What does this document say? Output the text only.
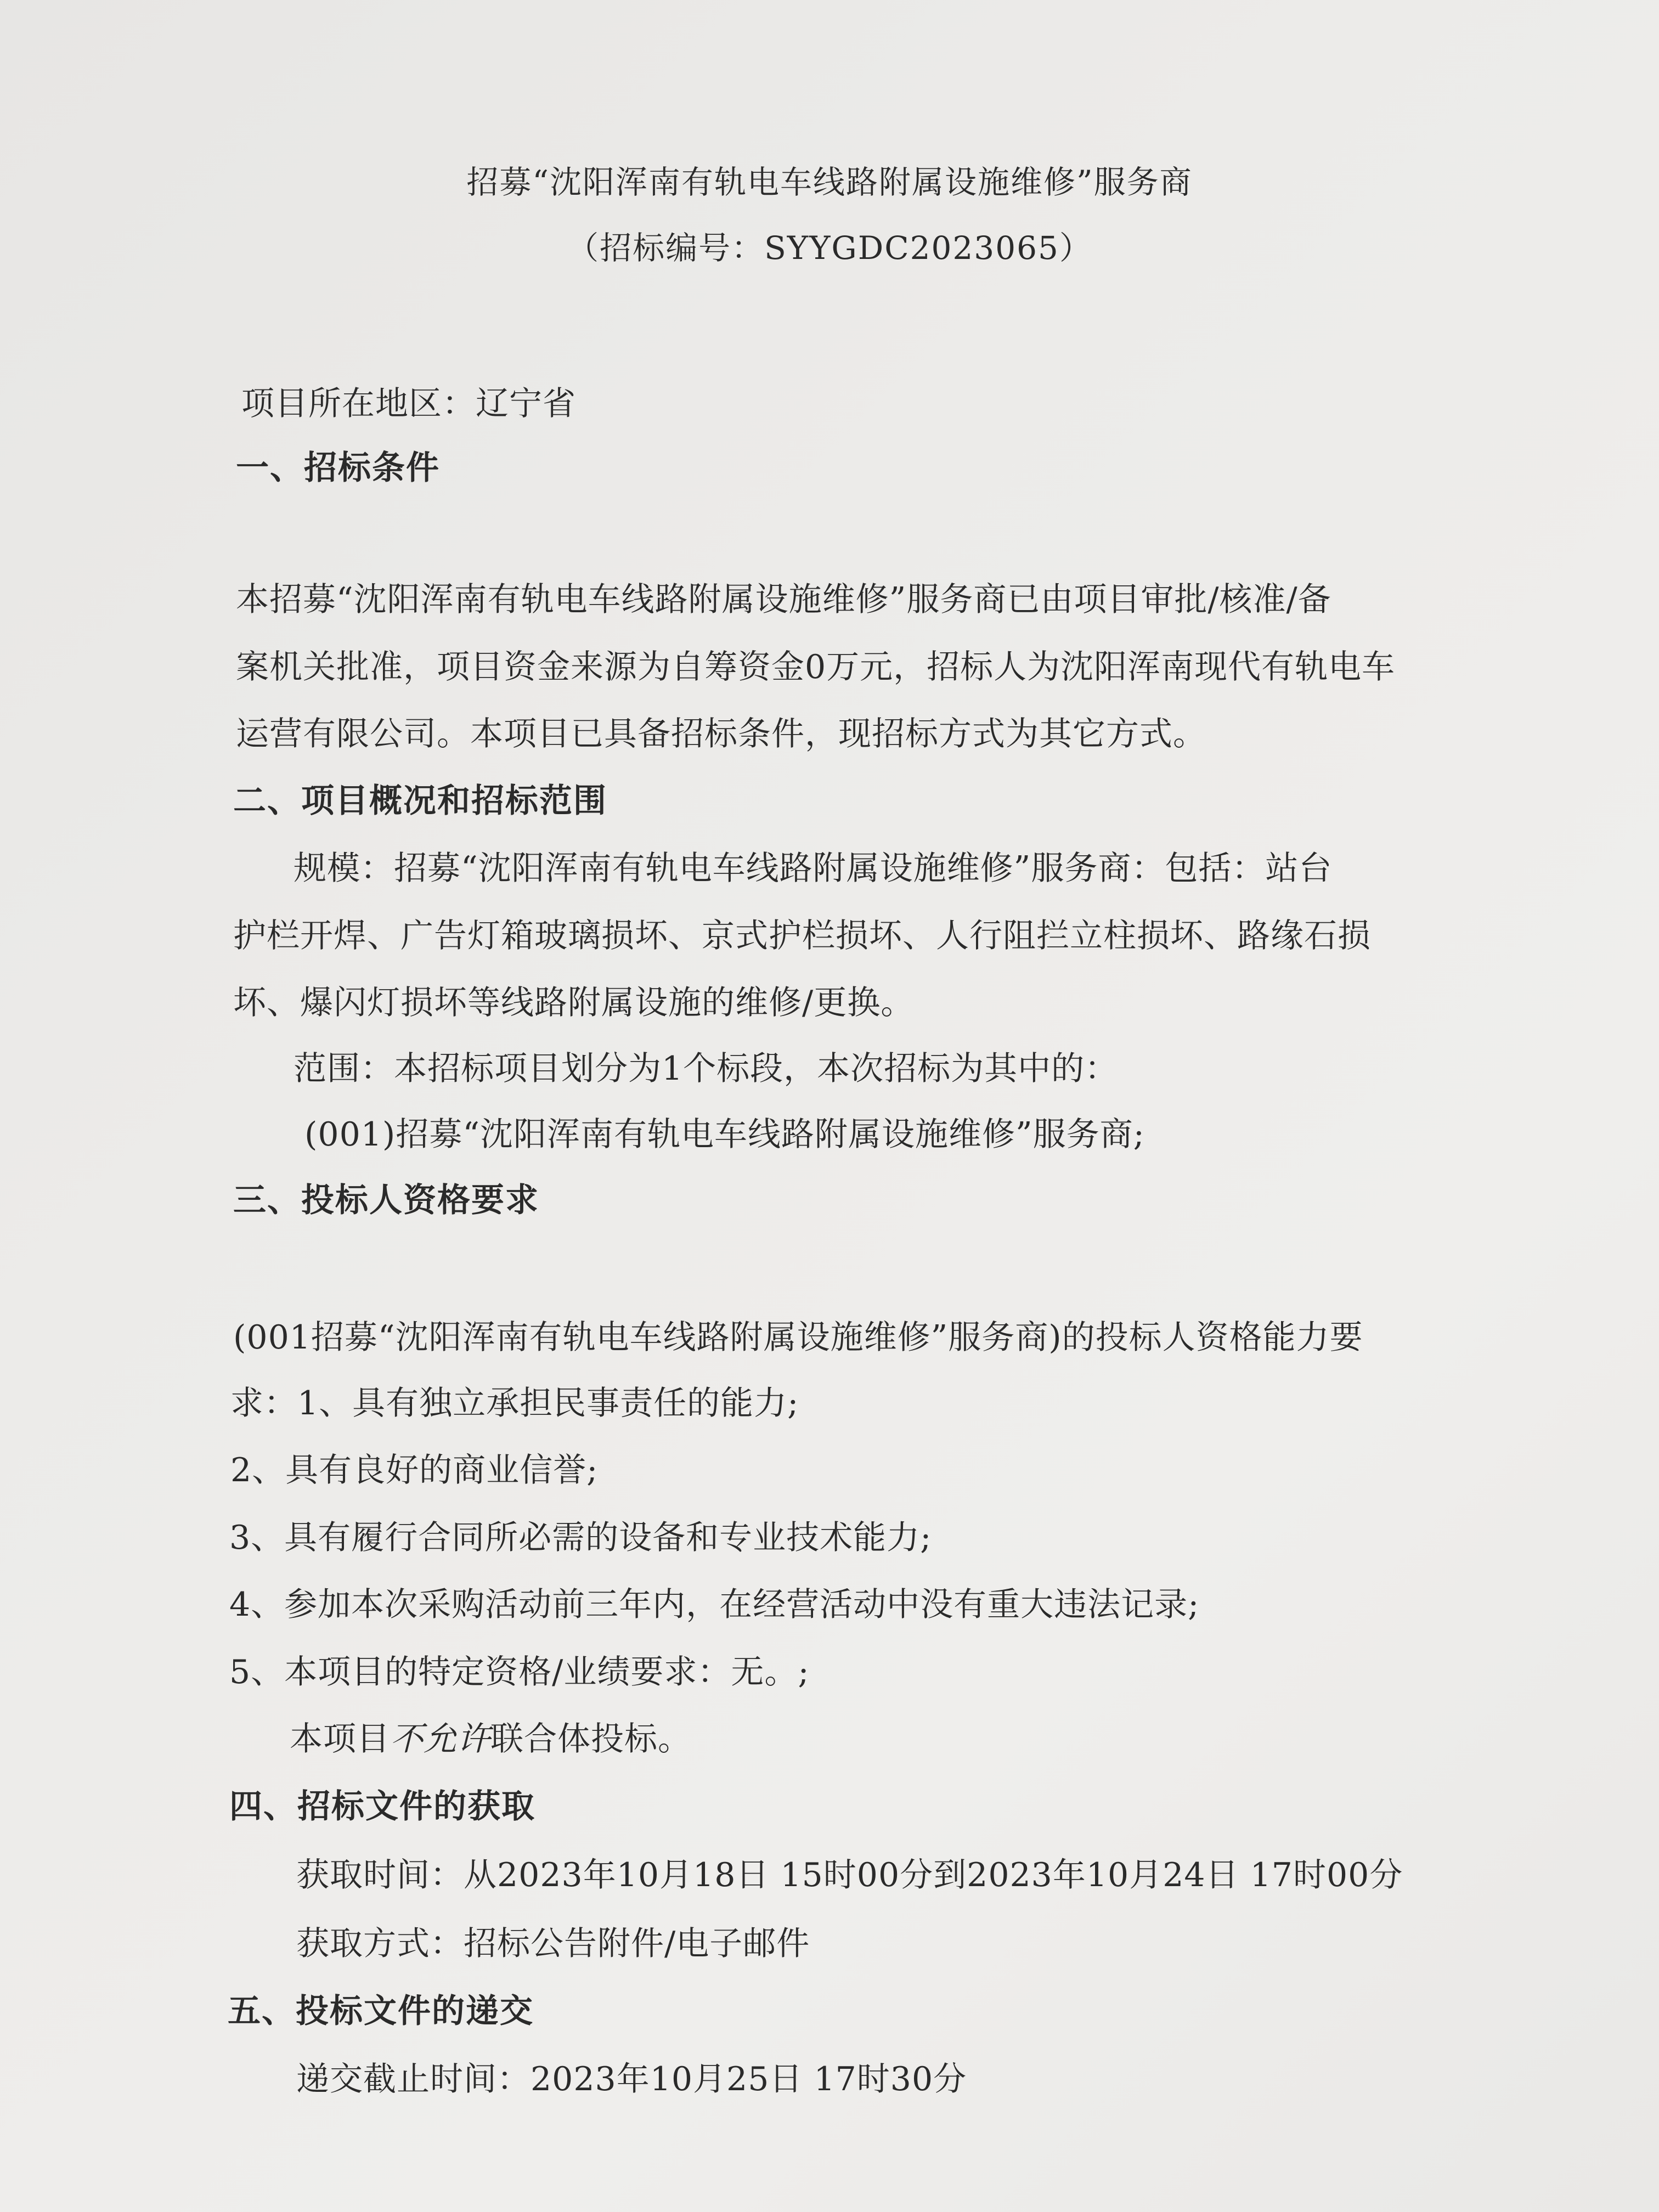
招募“沈阳浑南有轨电车线路附属设施维修”服务商
（招标编号：SYYGDC2023065）
项目所在地区：辽宁省
一、招标条件
本招募“沈阳浑南有轨电车线路附属设施维修”服务商已由项目审批/核准/备
案机关批准，项目资金来源为自筹资金0万元，招标人为沈阳浑南现代有轨电车
运营有限公司。本项目已具备招标条件，现招标方式为其它方式。
二、项目概况和招标范围
规模：招募“沈阳浑南有轨电车线路附属设施维修”服务商：包括：站台
护栏开焊、广告灯箱玻璃损坏、京式护栏损坏、人行阻拦立柱损坏、路缘石损
坏、爆闪灯损坏等线路附属设施的维修/更换。
范围：本招标项目划分为1个标段，本次招标为其中的：
(001)招募“沈阳浑南有轨电车线路附属设施维修”服务商;
三、投标人资格要求
(001招募“沈阳浑南有轨电车线路附属设施维修”服务商)的投标人资格能力要
求：1、具有独立承担民事责任的能力;
2、具有良好的商业信誉;
3、具有履行合同所必需的设备和专业技术能力;
4、参加本次采购活动前三年内，在经营活动中没有重大违法记录;
5、本项目的特定资格/业绩要求：无。;
本项目不允许联合体投标。
四、招标文件的获取
获取时间：从2023年10月18日 15时00分到2023年10月24日 17时00分
获取方式：招标公告附件/电子邮件
五、投标文件的递交
递交截止时间：2023年10月25日 17时30分
